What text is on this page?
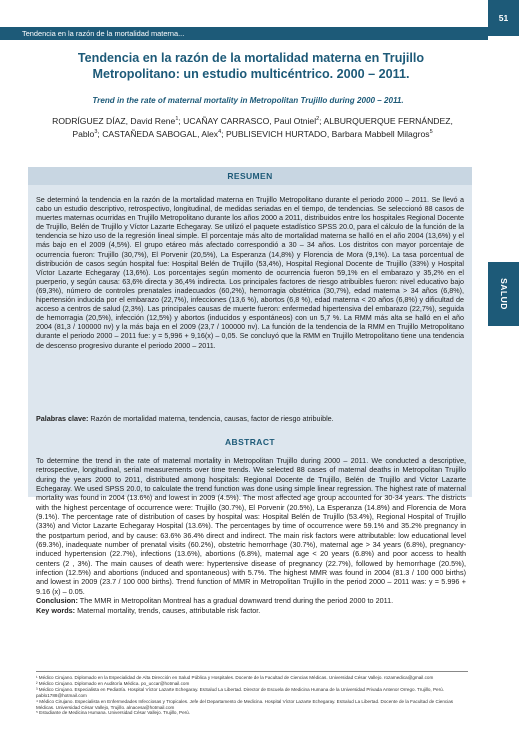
Tendencia en la razón de la mortalidad materna...
51
SALUD
Tendencia en la razón de la mortalidad materna en Trujillo Metropolitano: un estudio multicéntrico. 2000 – 2011.
Trend in the rate of maternal mortality in Metropolitan Trujillo during 2000 – 2011.
RODRÍGUEZ DÍAZ, David Rene$^1$; UCAÑAY CARRASCO, Paul Otniel$^2$; ALBURQUERQUE FERNÁNDEZ, Pablo$^3$; CASTAÑEDA SABOGAL, Alex$^4$; PUBLISEVICH HURTADO, Barbara Mabbell Milagros$^5$
RESUMEN
Se determinó la tendencia en la razón de la mortalidad materna en Trujillo Metropolitano durante el periodo 2000 – 2011. Se llevó a cabo un estudio descriptivo, retrospectivo, longitudinal, de medidas seriadas en el tiempo, de tendencias. Se seleccionó 88 casos de muertes maternas ocurridas en Trujillo Metropolitano durante los años 2000 a 2011, distribuidos entre los hospitales Regional Docente de Trujillo, Belén de Trujillo y Víctor Lazarte Echegaray. Se utilizó el paquete estadístico SPSS 20.0, para el cálculo de la función de la tendencia se hizo uso de la regresión lineal simple. El porcentaje más alto de mortalidad materna se halló en el año 2004 (13,6%) y el más bajo en el 2009 (4,5%). El grupo etáreo más afectado correspondió a 30 – 34 años. Los distritos con mayor porcentaje de ocurrencia fueron: Trujillo (30,7%), El Porvenir (20,5%), La Esperanza (14,8%) y Florencia de Mora (9,1%). La tasa porcentual de distribución de casos según hospital fue: Hospital Belén de Trujillo (53,4%), Hospital Regional Docente de Trujillo (33%) y Hospital Víctor Lazarte Echegaray (13,6%). Los porcentajes según momento de ocurrencia fueron 59,1% en el embarazo y 35,2% en el puerperio, y según causa: 63,6% directa y 36,4% indirecta. Los principales factores de riesgo atribuibles fueron: nivel educativo bajo (69,3%), número de controles prenatales inadecuados (60,2%), hemorragia obstétrica (30,7%), edad materna > 34 años (6,8%), hipertensión inducida por el embarazo (22,7%), infecciones (13,6 %), abortos (6,8 %), edad materna < 20 años (6,8%) y dificultad de acceso a centros de salud (2,3%). Las principales causas de muerte fueron: enfermedad hipertensiva del embarazo (22,7%), seguida de hemorragia (20,5%), infección (12,5%) y abortos (inducidos y espontáneos) con un 5,7 %. La RMM más alta se halló en el año 2004 (81,3 / 100000 nv) y la más baja en el 2009 (23,7 / 100000 nv). La función de la tendencia de la RMM en Trujillo Metropolitano durante el periodo 2000 – 2011 fue: y = 5,996 + 9,16(x) – 0,05. Se concluyó que la RMM en Trujillo Metropolitano tiene una tendencia de descenso progresivo durante el periodo 2000 – 2011.
Palabras clave: Razón de mortalidad materna, tendencia, causas, factor de riesgo atribuible.
ABSTRACT

To determine the trend in the rate of maternal mortality in Metropolitan Trujillo during 2000 – 2011. We conducted a descriptive, retrospective, longitudinal, serial measurements over time trends. We selected 88 cases of maternal deaths in Metropolitan Trujillo during the years 2000 to 2011, distributed among hospitals: Regional Docente de Trujillo, Belén de Trujillo and Victor Lazarte Echegaray. We used SPSS 20.0, to calculate the trend function was done using simple linear regression. The highest rate of maternal mortality was found in 2004 (13.6%) and lowest in 2009 (4.5%). The most affected age group accounted for 30-34 years. The districts with the highest percentage of occurrence were: Trujillo (30.7%), El Porvenir (20.5%), La Esperanza (14.8%) and Florencia de Mora (9.1%). The percentage rate of distribution of cases by hospital was: Hospital Belén de Trujillo (53.4%), Regional Hospital of Trujillo (33%) and Victor Lazarte Echegaray Hospital (13.6%). The percentages by time of occurrence were 59.1% and 35.2% pregnancy in the postpartum period, and by cause: 63.6% 36.4% direct and indirect. The main risk factors were attributable: low educational level (69.3%), inadequate number of prenatal visits (60.2%), obstetric hemorrhage (30.7%), maternal age > 34 years (6.8%), pregnancy-induced hypertension (22.7%), infections (13.6%), abortions (6.8%), maternal age < 20 years (6.8%) and poor access to health centers (2 , 3%). The main causes of death were: hypertensive disease of pregnancy (22.7%), followed by hemorrhage (20.5%), infection (12.5%) and abortions (induced and spontaneous) with 5.7%. The highest MMR was found in 2004 (81.3 / 100 000 births) and lowest in 2009 (23.7 / 100 000 births). Trend function of MMR in Metropolitan Trujillo in the period 2000 – 2011 was: y = 5.996 + 9.16 (x) – 0.05.

Conclusion: The MMR in Metropolitan Montreal has a gradual downward trend during the period 2000 to 2011.

Key words: Maternal mortality, trends, causes, attributable risk factor.

¹ Médico Cirujano. Diplomado en la Especialidad de Alta Dirección en Salud Pública y Hospitales. Docente de la Facultad de Ciencias Médicas. Universidad César Vallejo. rozamedica@gmail.com
² Médico Cirujano. Diplomado en Auditoría Médica. po_uccar@hotmail.com
³ Médico Cirujano. Especialista en Pediatría. Hospital Víctor Lazarte Echegaray. EsSalud La Libertad. Director de Escuela de Medicina Humana de la Universidad Privada Antenor Orrego. Trujillo, Perú. pablo1788@hotmail.com
⁴ Médico Cirujano. Especialista en Enfermedades Infecciosas y Tropicales. Jefe del Departamento de Medicina. Hospital Víctor Lazarte Echegaray. EsSalud La Libertad. Docente de la Facultad de Ciencias Médicas. Universidad César Vallejo, Trujillo. alnacesa@hotmail.com
⁵ Estudiante de Medicina Humana. Universidad César Vallejo. Trujillo, Perú.
